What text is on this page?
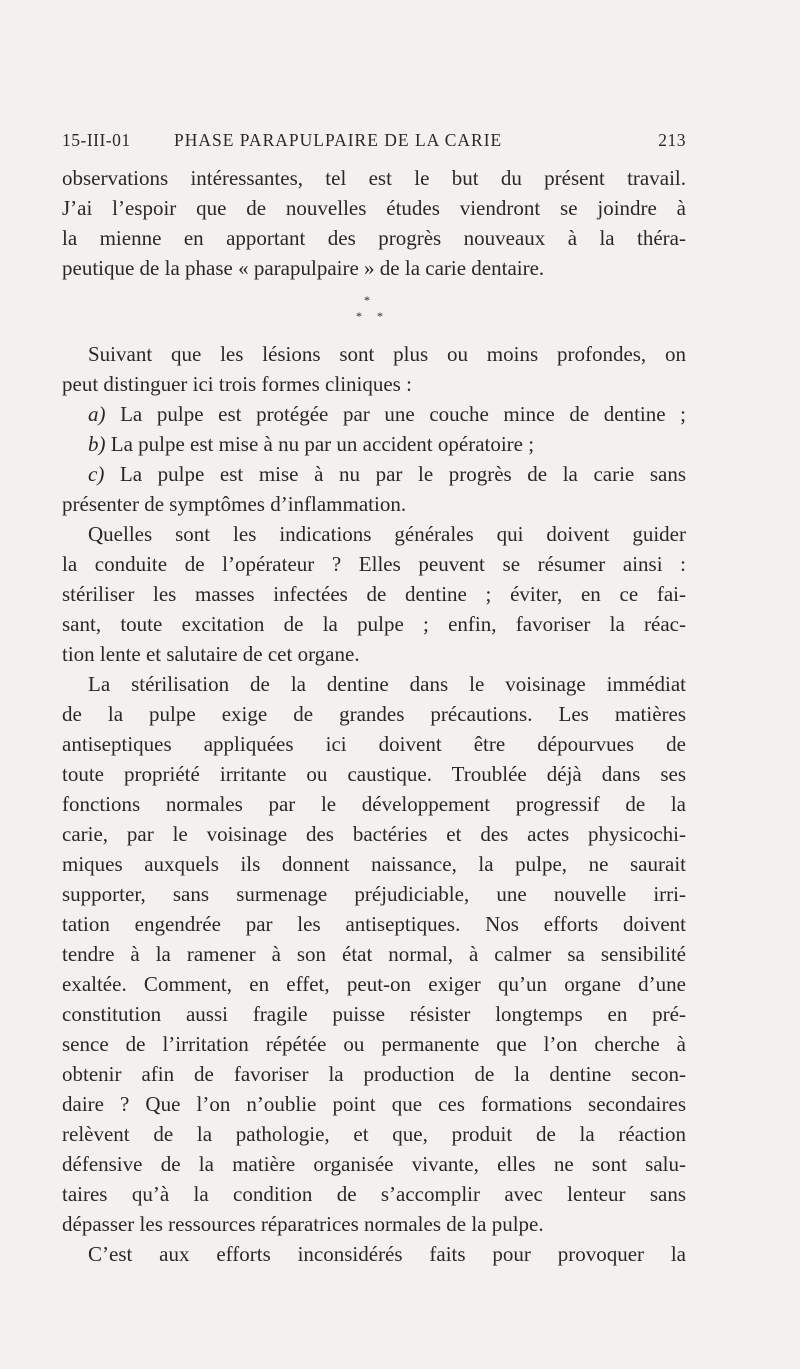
15-III-01 PHASE PARAPULPAIRE DE LA CARIE	213
observations intéressantes, tel est le but du présent travail.
J’ai l’espoir que de nouvelles études viendront se joindre à
la mienne en apportant des progrès nouveaux à la théra-
peutique de la phase « parapulpaire » de la carie dentaire.
*
* *
Suivant que les lésions sont plus ou moins profondes, on
peut distinguer ici trois formes cliniques :
a) La pulpe est protégée par une couche mince de dentine ;
b) La pulpe est mise à nu par un accident opératoire ;
c) La pulpe est mise à nu par le progrès de la carie sans
présenter de symptômes d’inflammation.
Quelles sont les indications générales qui doivent guider
la conduite de l’opérateur ? Elles peuvent se résumer ainsi :
stériliser les masses infectées de dentine ; éviter, en ce fai-
sant, toute excitation de la pulpe ; enfin, favoriser la réac-
tion lente et salutaire de cet organe.
La stérilisation de la dentine dans le voisinage immédiat
de la pulpe exige de grandes précautions. Les matières
antiseptiques appliquées ici doivent être dépourvues de
toute propriété irritante ou caustique. Troublée déjà dans ses
fonctions normales par le développement progressif de la
carie, par le voisinage des bactéries et des actes physicochi-
miques auxquels ils donnent naissance, la pulpe, ne saurait
supporter, sans surmenage préjudiciable, une nouvelle irri-
tation engendrée par les antiseptiques. Nos efforts doivent
tendre à la ramener à son état normal, à calmer sa sensibilité
exaltée. Comment, en effet, peut-on exiger qu’un organe d’une
constitution aussi fragile puisse résister longtemps en pré-
sence de l’irritation répétée ou permanente que l’on cherche à
obtenir afin de favoriser la production de la dentine secon-
daire ? Que l’on n’oublie point que ces formations secondaires
relèvent de la pathologie, et que, produit de la réaction
défensive de la matière organisée vivante, elles ne sont salu-
taires qu’à la condition de s’accomplir avec lenteur sans
dépasser les ressources réparatrices normales de la pulpe.
C’est aux efforts inconsidérés faits pour provoquer la
